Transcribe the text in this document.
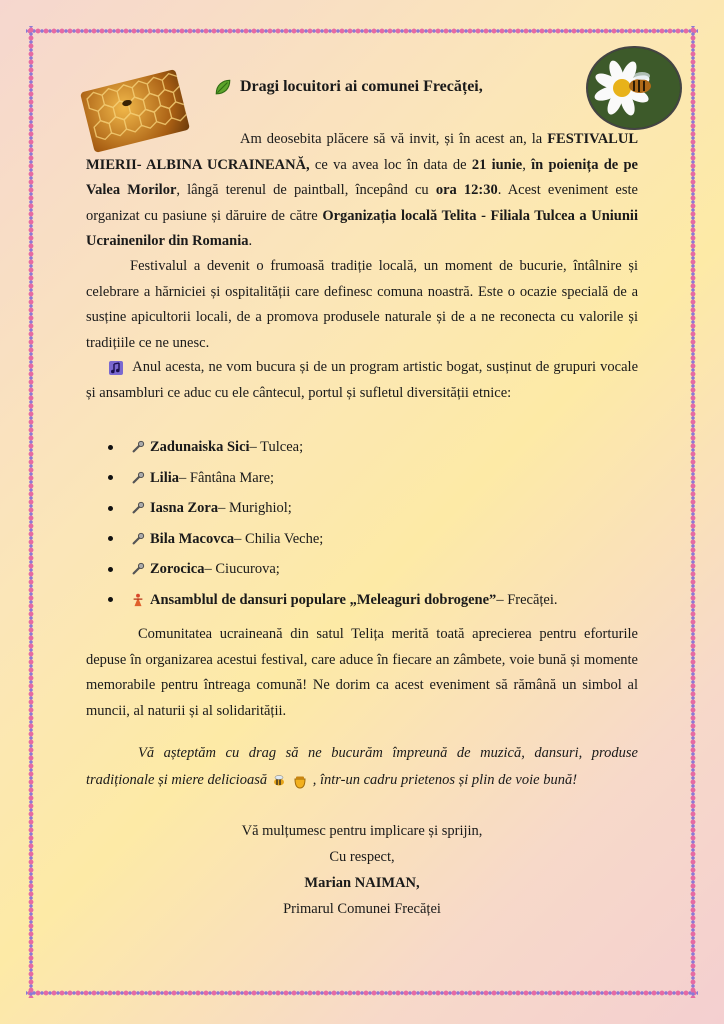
Dragi locuitori ai comunei Frecăței,

Am deosebita plăcere să vă invit, și în acest an, la FESTIVALUL MIERII- ALBINA UCRAINEANĂ, ce va avea loc în data de 21 iunie, în poienița de pe Valea Morilor, lângă terenul de paintball, începând cu ora 12:30. Acest eveniment este organizat cu pasiune și dăruire de către Organizația locală Telita - Filiala Tulcea a Uniunii Ucrainenilor din Romania.

Festivalul a devenit o frumoasă tradiție locală, un moment de bucurie, întâlnire și celebrare a hărniciei și ospitalității care definesc comuna noastră. Este o ocazie specială de a susține apicultorii locali, de a promova produsele naturale și de a ne reconecta cu valorile și tradițiile ce ne unesc.

Anul acesta, ne vom bucura și de un program artistic bogat, susținut de grupuri vocale și ansambluri ce aduc cu ele cântecul, portul și sufletul diversității etnice:

Zadunaiska Sici – Tulcea;
Lilia – Fântâna Mare;
Iasna Zora – Murighiol;
Bila Macovca – Chilia Veche;
Zorocica – Ciucurova;
Ansamblul de dansuri populare „Meleaguri dobrogene” – Frecăței.

Comunitatea ucraineană din satul Telița merită toată aprecierea pentru eforturile depuse în organizarea acestui festival, care aduce în fiecare an zâmbete, voie bună și momente memorabile pentru întreaga comună! Ne dorim ca acest eveniment să rămână un simbol al muncii, al naturii și al solidarității.

Vă așteptăm cu drag să ne bucurăm împreună de muzică, dansuri, produse tradiționale și miere delicioasă	, într-un cadru prietenos și plin de voie bună!

Vă mulțumesc pentru implicare și sprijin,
Cu respect,
Marian NAIMAN,
Primarul Comunei Frecăței
